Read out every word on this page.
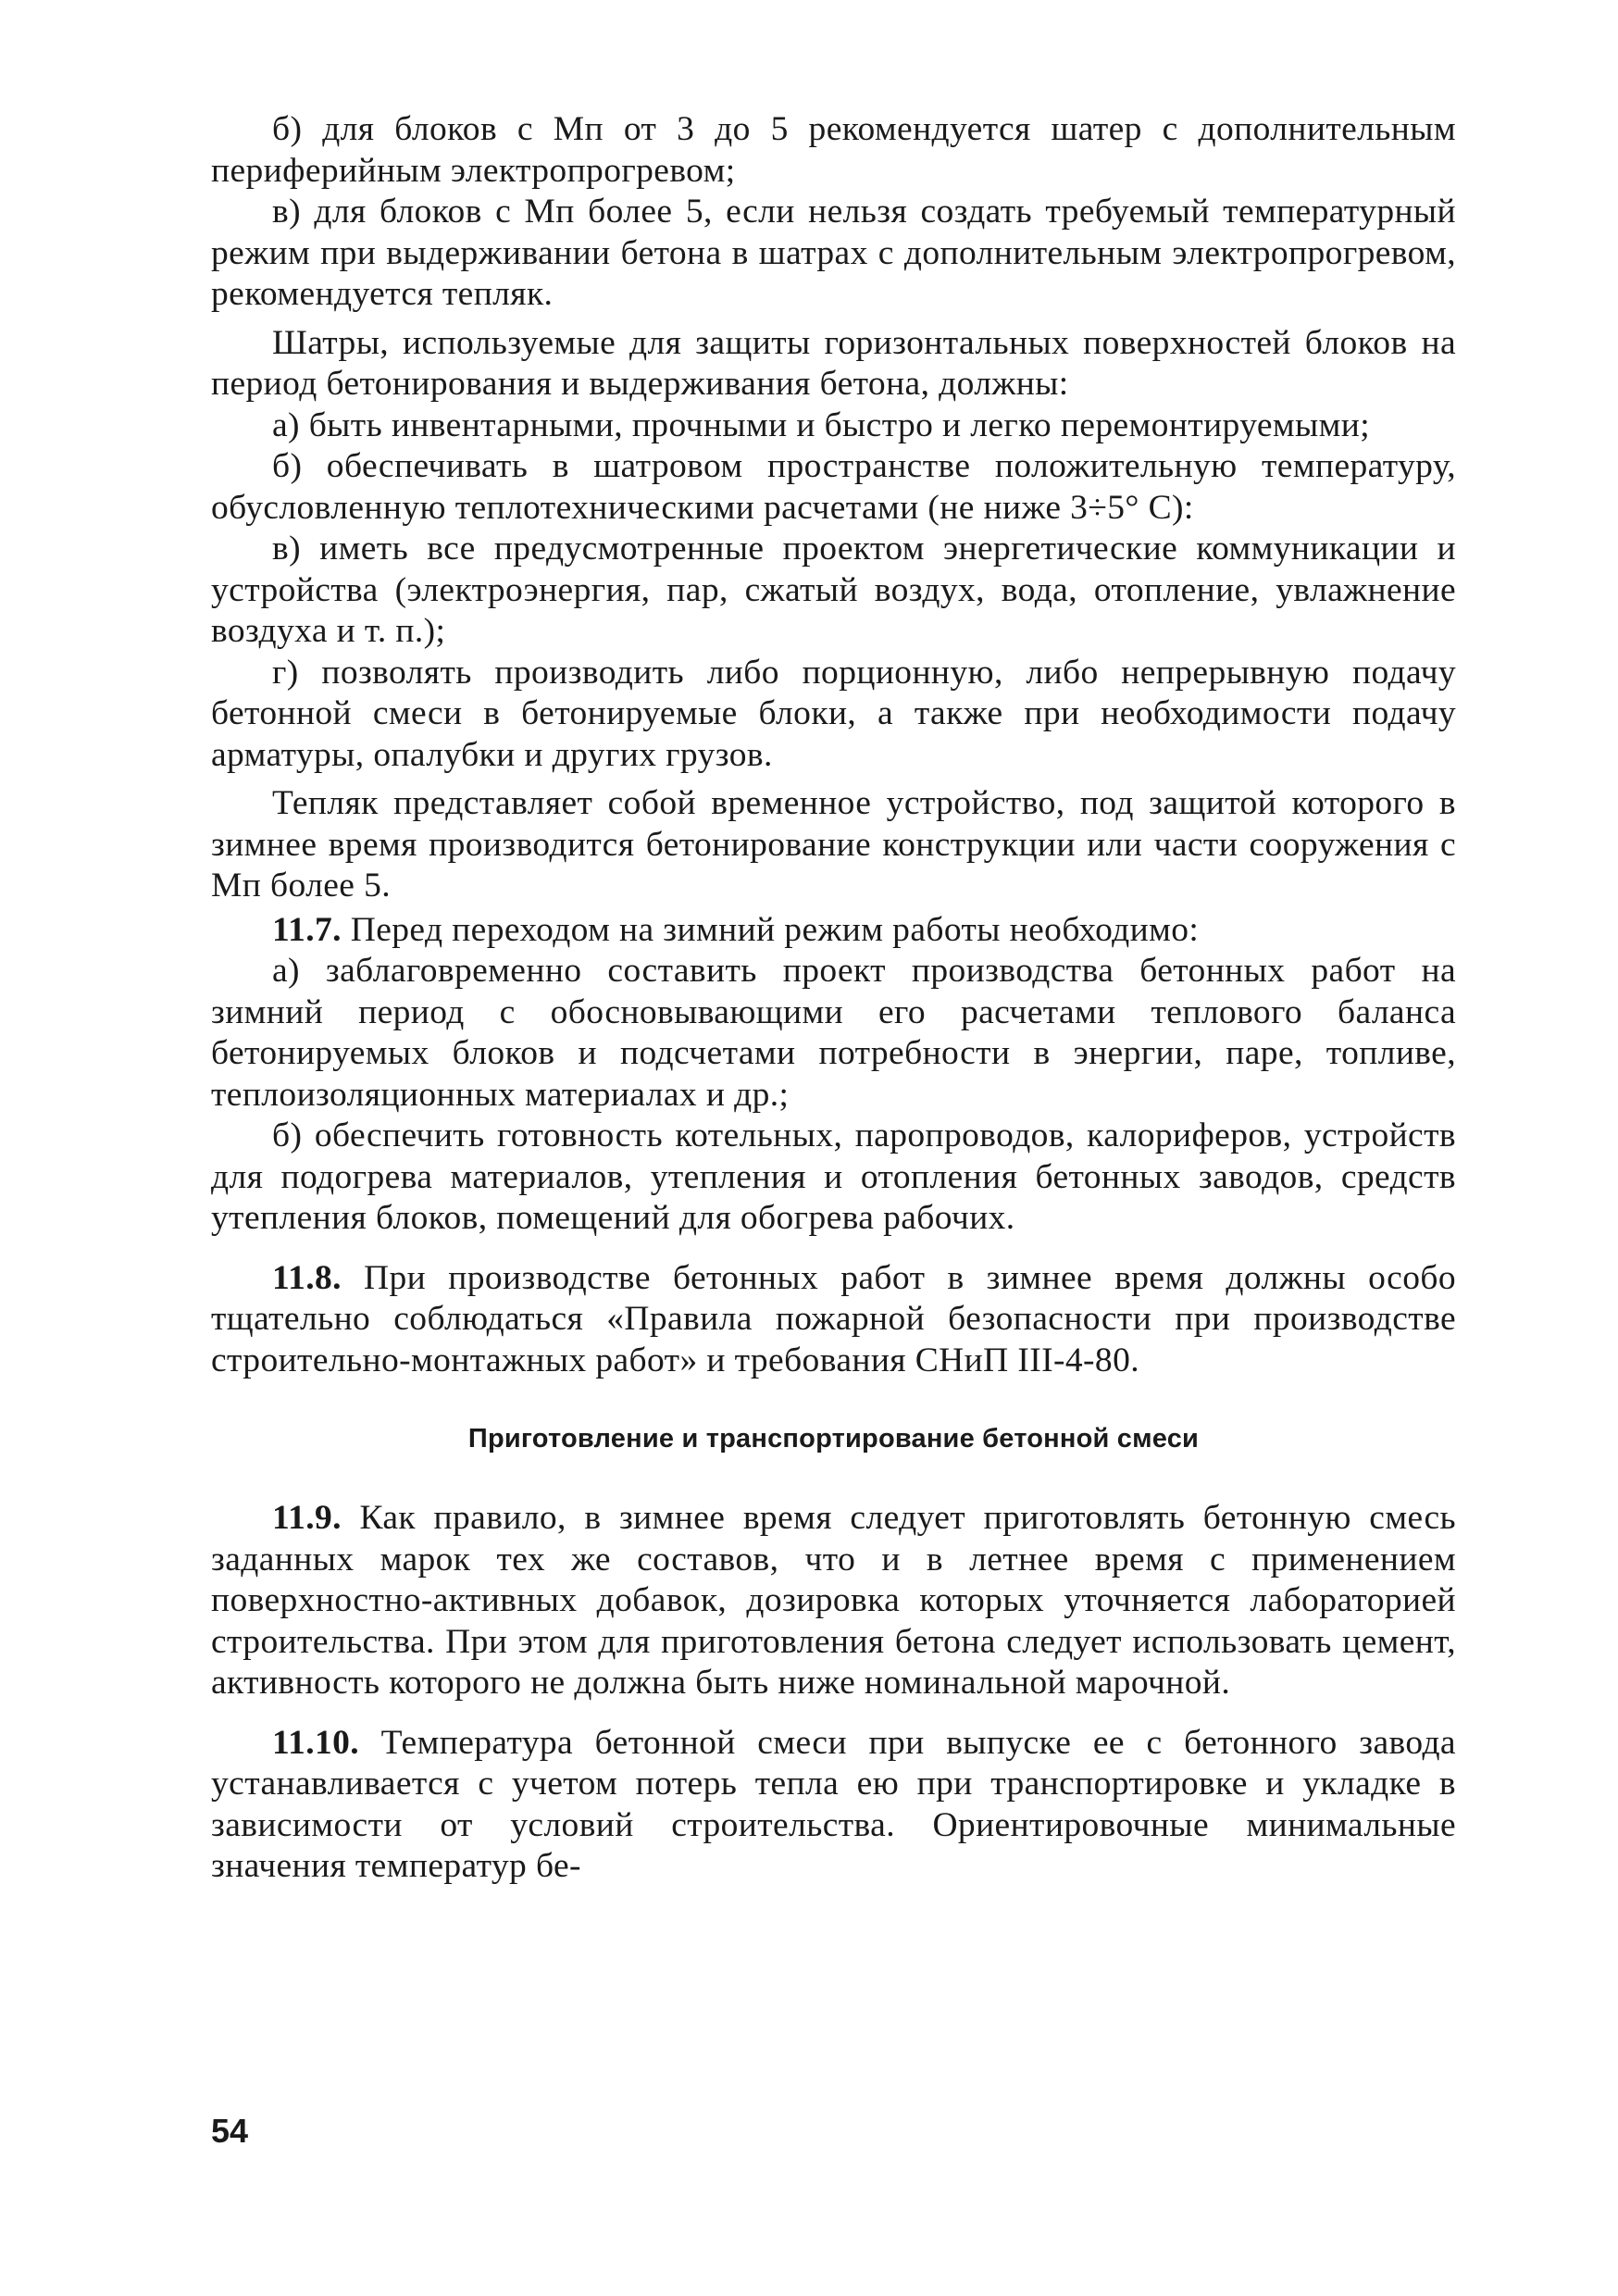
б) для блоков с Мп от 3 до 5 рекомендуется шатер с дополнительным периферийным электропрогревом;

в) для блоков с Мп более 5, если нельзя создать требуемый температурный режим при выдерживании бетона в шатрах с дополнительным электропрогревом, рекомендуется тепляк.

Шатры, используемые для защиты горизонтальных поверхностей блоков на период бетонирования и выдерживания бетона, должны:

а) быть инвентарными, прочными и быстро и легко перемонтируемыми;

б) обеспечивать в шатровом пространстве положительную температуру, обусловленную теплотехническими расчетами (не ниже 3÷5° С):

в) иметь все предусмотренные проектом энергетические коммуникации и устройства (электроэнергия, пар, сжатый воздух, вода, отопление, увлажнение воздуха и т. п.);

г) позволять производить либо порционную, либо непрерывную подачу бетонной смеси в бетонируемые блоки, а также при необходимости подачу арматуры, опалубки и других грузов.

Тепляк представляет собой временное устройство, под защитой которого в зимнее время производится бетонирование конструкции или части сооружения с Мп более 5.

11.7. Перед переходом на зимний режим работы необходимо:

а) заблаговременно составить проект производства бетонных работ на зимний период с обосновывающими его расчетами теплового баланса бетонируемых блоков и подсчетами потребности в энергии, паре, топливе, теплоизоляционных материалах и др.;

б) обеспечить готовность котельных, паропроводов, калориферов, устройств для подогрева материалов, утепления и отопления бетонных заводов, средств утепления блоков, помещений для обогрева рабочих.

11.8. При производстве бетонных работ в зимнее время должны особо тщательно соблюдаться «Правила пожарной безопасности при производстве строительно-монтажных работ» и требования СНиП III-4-80.

Приготовление и транспортирование бетонной смеси

11.9. Как правило, в зимнее время следует приготовлять бетонную смесь заданных марок тех же составов, что и в летнее время с применением поверхностно-активных добавок, дозировка которых уточняется лабораторией строительства. При этом для приготовления бетона следует использовать цемент, активность которого не должна быть ниже номинальной марочной.

11.10. Температура бетонной смеси при выпуске ее с бетонного завода устанавливается с учетом потерь тепла ею при транспортировке и укладке в зависимости от условий строительства. Ориентировочные минимальные значения температур бе-

54
